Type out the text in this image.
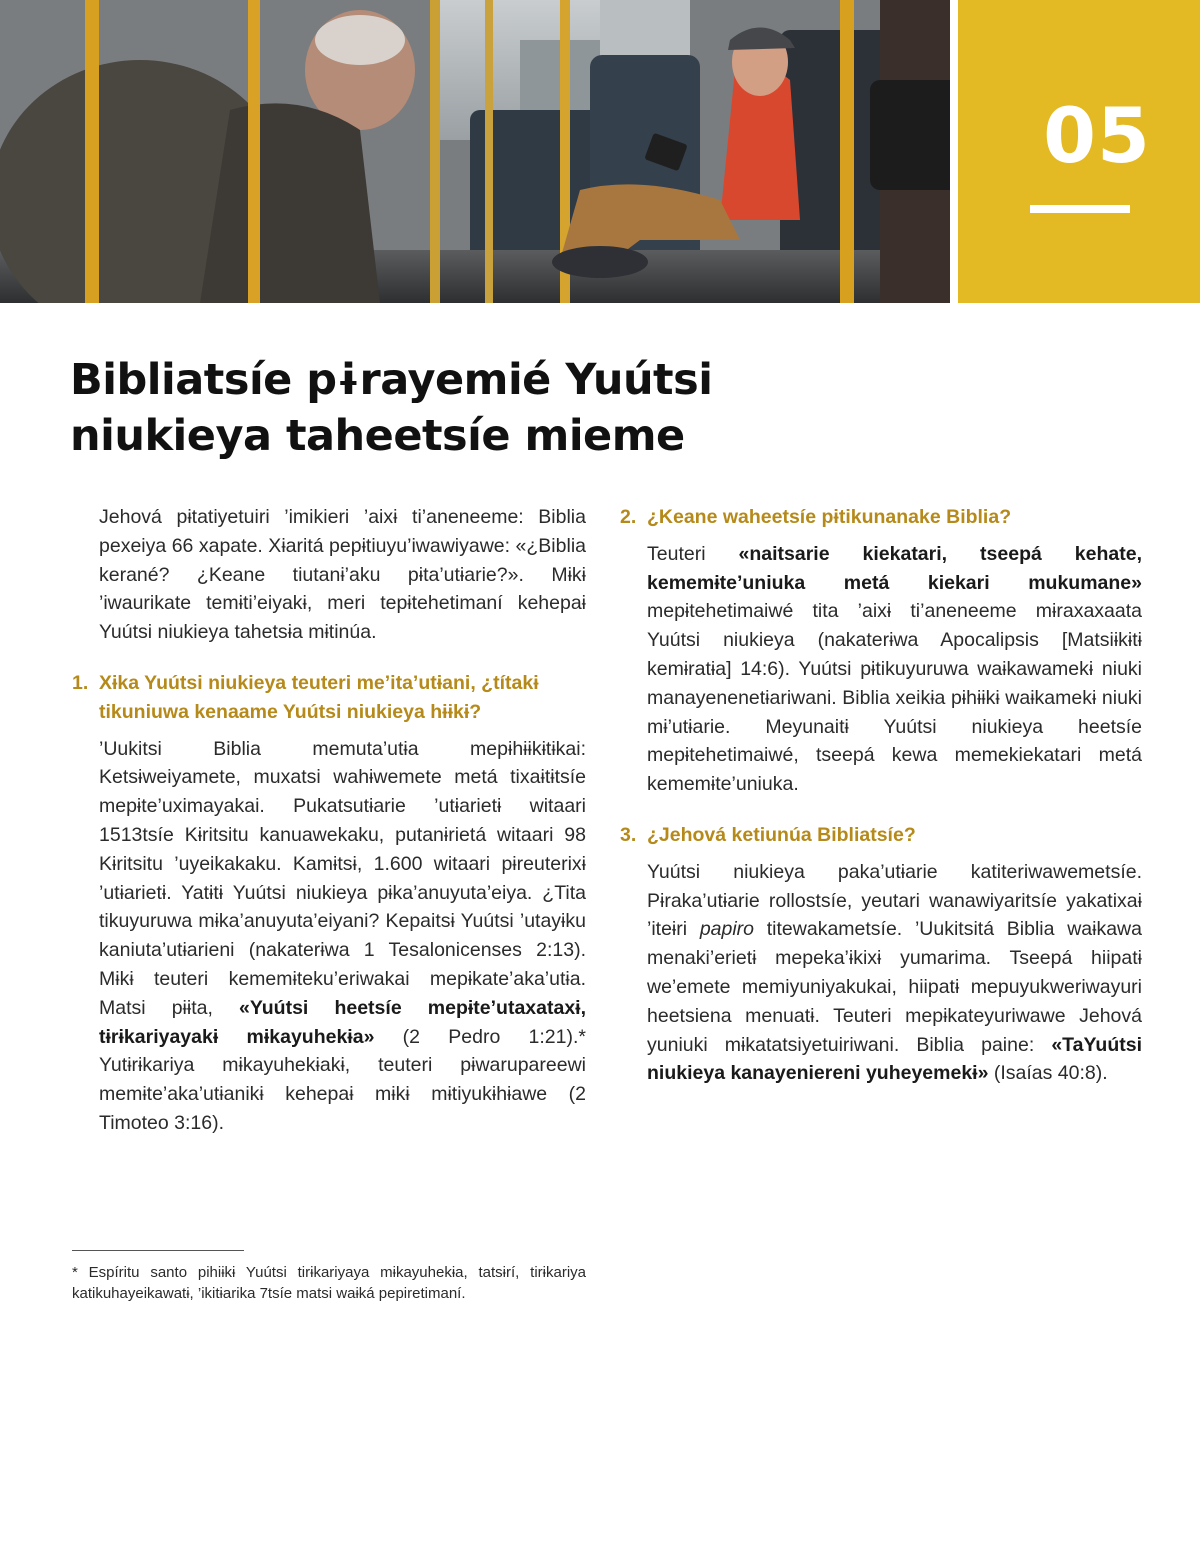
05
Bibliatsíe pɨrayemié Yuútsi
niukieya taheetsíe mieme

Jehová pɨtatiyetuiri ’imikieri ’aixɨ ti’aneneeme: Biblia pexeiya 66 xapate. Xɨaritá pepɨtiuyu’iwawiyawe: «¿Biblia kerané? ¿Keane tiutanɨ’aku pɨta’utɨarie?». Mɨkɨ ’iwaurikate temɨti’eiyakɨ, meri tepɨtehetimaní kehepaɨ Yuútsi niukieya tahetsɨa mɨtinúa.

1. Xɨka Yuútsi niukieya teuteri me’ita’utɨani, ¿títakɨ tikuniuwa kenaame Yuútsi niukieya hɨɨkɨ?

’Uukitsi Biblia memuta’utɨa mepɨhɨɨkɨtɨkai: Ketsɨweiyamete, muxatsi wahɨwemete metá tixaɨtɨtsíe mepɨte’uximayakai. Pukatsutɨarie ’utɨarietɨ witaari 1513tsíe Kɨritsitu kanuawekaku, putanɨrietá witaari 98 Kɨritsitu ’uyeikakaku. Kamɨtsɨ, 1.600 witaari pɨreuterixɨ ’utɨarietɨ. Yatɨtɨ Yuútsi niukieya pɨka’anuyuta’eiya. ¿Tita tikuyuruwa mɨka’anuyuta’eiyani? Kepaitsɨ Yuútsi ’utayɨku kaniuta’utɨarieni (nakaterɨwa 1 Tesalonicenses 2:13). Mɨkɨ teuteri kememɨteku’eriwakai mepɨkate’aka’utɨa. Matsi pɨɨta, «Yuútsi heetsíe mepɨte’utaxataxɨ, tɨrɨkariyayakɨ mɨkayuhekɨa» (2 Pedro 1:21).* Yutɨrɨkariya mɨkayuhekɨakɨ, teuteri pɨwarupareewi memɨte’aka’utɨanikɨ kehepaɨ mɨkɨ mɨtiyukɨhɨawe (2 Timoteo 3:16).

* Espíritu santo pihiɨkɨ Yuútsi tirɨkariyaya mɨkayuhekɨa, tatsɨrí, tirɨkariya katikuhayeikawatɨ, ’ikitɨarika 7tsíe matsi waɨká pepiretimaní.

2. ¿Keane waheetsíe pɨtikunanake Biblia?

Teuteri «naitsarie kiekatari, tseepá kehate, kememɨte’uniuka metá kiekari mukumane» mepɨtehetimaiwé tita ’aixɨ ti’aneneeme mɨraxaxaata Yuútsi niukieya (nakaterɨwa Apocalipsis [Matsiɨkɨtɨ kemɨratɨa] 14:6). Yuútsi pɨtikuyuruwa waɨkawamekɨ niuki manayenenetɨariwani. Biblia xeikɨa pɨhɨɨkɨ waɨkamekɨ niuki mɨ’utɨarie. Meyunaitɨ Yuútsi niukieya heetsíe mepɨtehetimaiwé, tseepá kewa memekiekatari metá kememɨte’uniuka.

3. ¿Jehová ketiunúa Bibliatsíe?

Yuútsi niukieya paka’utɨarie katiteriwawemetsíe. Pɨraka’utɨarie rollostsíe, yeutari wanawiyaritsíe yakatixaɨ ’iteɨri papiro titewakametsíe. ’Uukitsitá Biblia waɨkawa menaki’erietɨ mepeka’ɨkixɨ yumarima. Tseepá hiipatɨ we’emete memiyuniyakukai, hiipatɨ mepuyukweriwayuri heetsiena menuatɨ. Teuteri mepɨkateyuriwawe Jehová yuniuki mɨkatatsiyetuiriwani. Biblia paine: «TaYuútsi niukieya kanayeniereni yuheyemekɨ» (Isaías 40:8).
